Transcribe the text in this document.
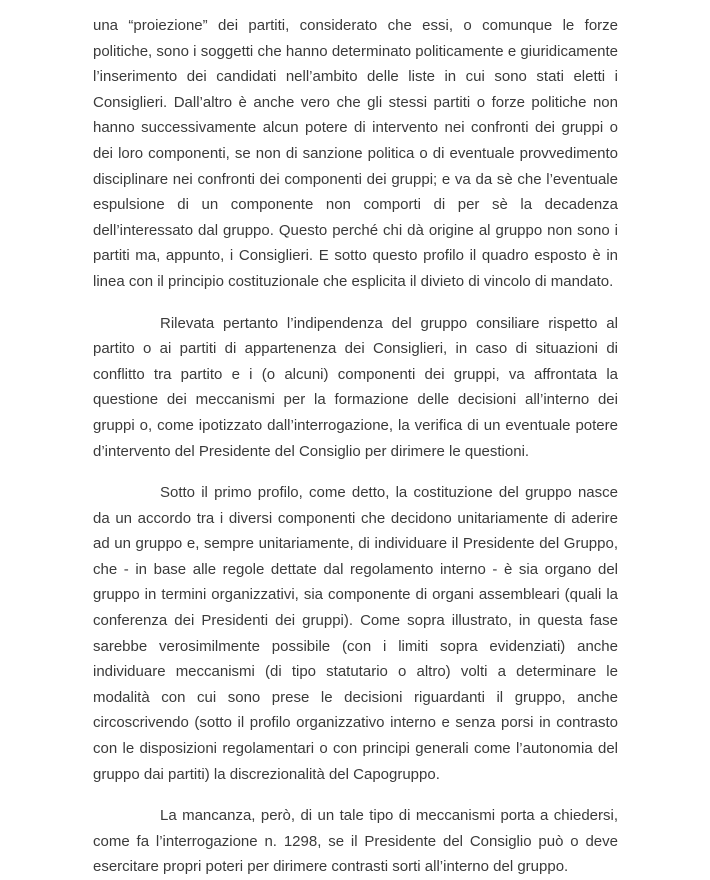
una “proiezione” dei partiti, considerato che essi, o comunque le forze politiche, sono i soggetti che hanno determinato politicamente e giuridicamente l’inserimento dei candidati nell’ambito delle liste in cui sono stati eletti i Consiglieri. Dall’altro è anche vero che gli stessi partiti o forze politiche non hanno successivamente alcun potere di intervento nei confronti dei gruppi o dei loro componenti, se non di sanzione politica o di eventuale provvedimento disciplinare nei confronti dei componenti dei gruppi; e va da sè che l’eventuale espulsione di un componente non comporti di per sè la decadenza dell’interessato dal gruppo. Questo perché chi dà origine al gruppo non sono i partiti ma, appunto, i Consiglieri. E sotto questo profilo il quadro esposto è in linea con il principio costituzionale che esplicita il divieto di vincolo di mandato.

Rilevata pertanto l’indipendenza del gruppo consiliare rispetto al partito o ai partiti di appartenenza dei Consiglieri, in caso di situazioni di conflitto tra partito e i (o alcuni) componenti dei gruppi, va affrontata la questione dei meccanismi per la formazione delle decisioni all’interno dei gruppi o, come ipotizzato dall’interrogazione, la verifica di un eventuale potere d’intervento del Presidente del Consiglio per dirimere le questioni.

Sotto il primo profilo, come detto, la costituzione del gruppo nasce da un accordo tra i diversi componenti che decidono unitariamente di aderire ad un gruppo e, sempre unitariamente, di individuare il Presidente del Gruppo, che - in base alle regole dettate dal regolamento interno - è sia organo del gruppo in termini organizzativi, sia componente di organi assembleari (quali la conferenza dei Presidenti dei gruppi). Come sopra illustrato, in questa fase sarebbe verosimilmente possibile (con i limiti sopra evidenziati) anche individuare meccanismi (di tipo statutario o altro) volti a determinare le modalità con cui sono prese le decisioni riguardanti il gruppo, anche circoscrivendo (sotto il profilo organizzativo interno e senza porsi in contrasto con le disposizioni regolamentari o con principi generali come l’autonomia del gruppo dai partiti) la discrezionalità del Capogruppo.

La mancanza, però, di un tale tipo di meccanismi porta a chiedersi, come fa l’interrogazione n. 1298, se il Presidente del Consiglio può o deve esercitare propri poteri per dirimere contrasti sorti all’interno del gruppo.
